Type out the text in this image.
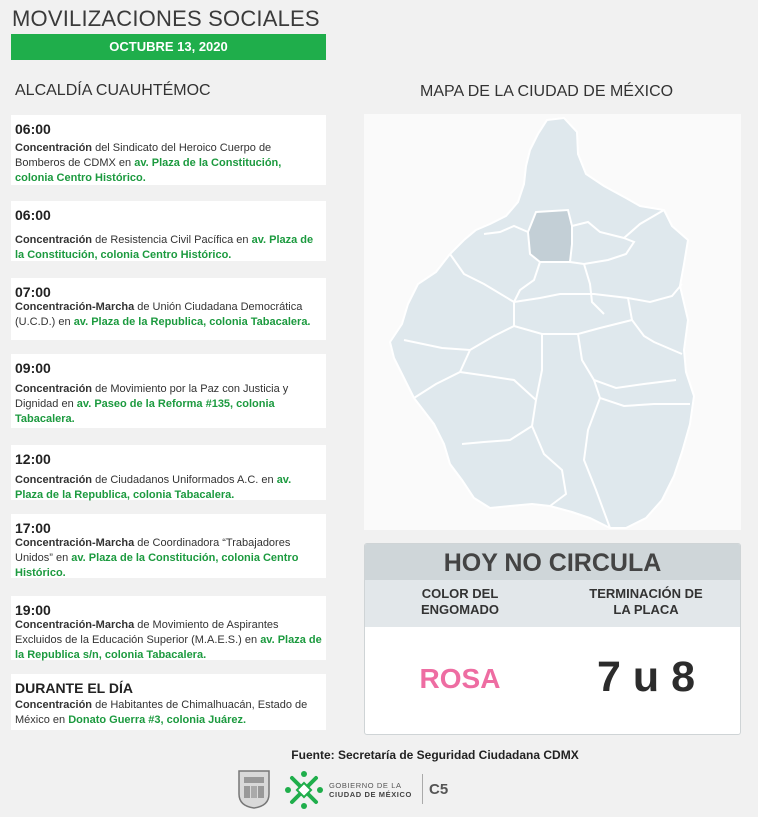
MOVILIZACIONES SOCIALES
OCTUBRE 13, 2020
ALCALDÍA CUAUHTÉMOC	MAPA DE LA CIUDAD DE MÉXICO
06:00
Concentración del Sindicato del Heroico Cuerpo de Bomberos de CDMX en av. Plaza de la Constitución, colonia Centro Histórico.
06:00
Concentración de Resistencia Civil Pacífica en av. Plaza de la Constitución, colonia Centro Histórico.
07:00
Concentración-Marcha de Unión Ciudadana Democrática (U.C.D.) en av. Plaza de la Republica, colonia Tabacalera.
09:00
Concentración de Movimiento por la Paz con Justicia y Dignidad en av. Paseo de la Reforma #135, colonia Tabacalera.
12:00
Concentración de Ciudadanos Uniformados A.C. en av. Plaza de la Republica, colonia Tabacalera.
17:00
Concentración-Marcha de Coordinadora “Trabajadores Unidos” en av. Plaza de la Constitución, colonia Centro Histórico.
19:00
Concentración-Marcha de Movimiento de Aspirantes Excluidos de la Educación Superior (M.A.E.S.) en av. Plaza de la Republica s/n, colonia Tabacalera.
DURANTE EL DÍA
Concentración de Habitantes de Chimalhuacán, Estado de México en Donato Guerra #3, colonia Juárez.
HOY NO CIRCULA
COLOR DEL
ENGOMADO
TERMINACIÓN DE
LA PLACA
ROSA	7 u 8
Fuente: Secretaría de Seguridad Ciudadana CDMX
GOBIERNO DE LA
CIUDAD DE MÉXICO C5
